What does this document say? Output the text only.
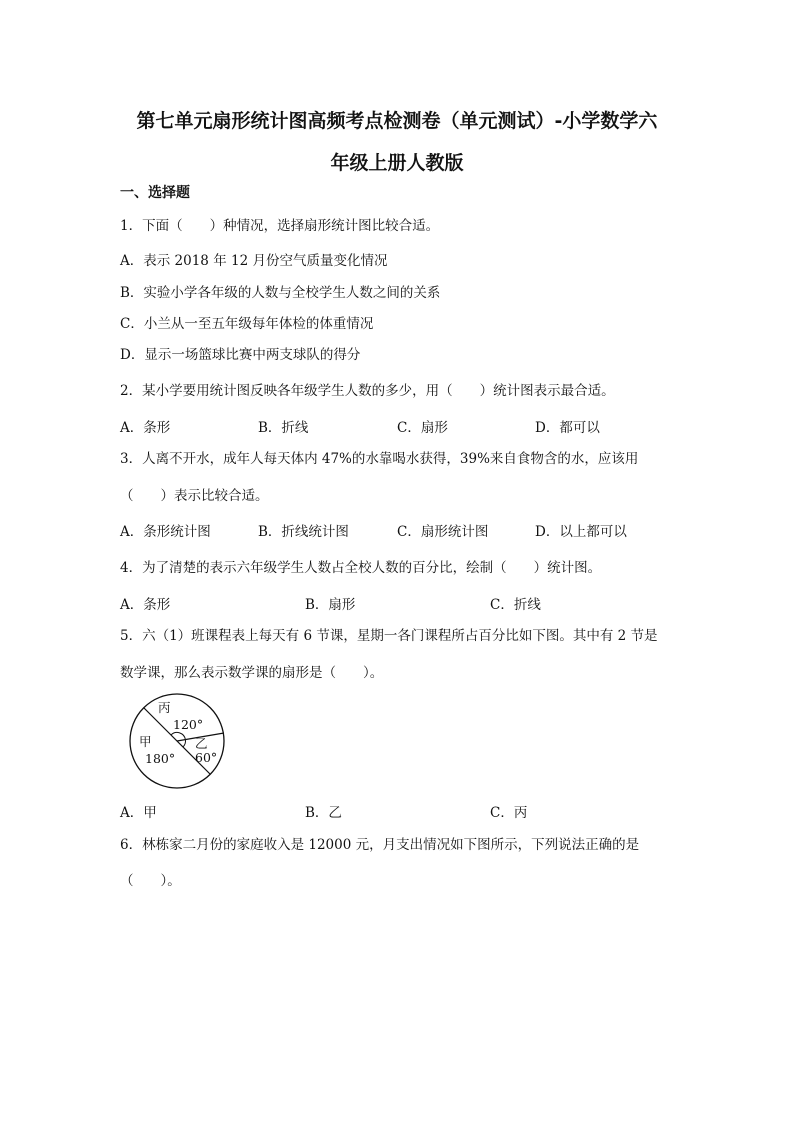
第七单元扇形统计图高频考点检测卷（单元测试）-小学数学六
年级上册人教版
一、选择题
1．下面（　　）种情况，选择扇形统计图比较合适。
A．表示 2018 年 12 月份空气质量变化情况
B．实验小学各年级的人数与全校学生人数之间的关系
C．小兰从一至五年级每年体检的体重情况
D．显示一场篮球比赛中两支球队的得分
2．某小学要用统计图反映各年级学生人数的多少，用（　　）统计图表示最合适。
A．条形	B．折线	C．扇形	D．都可以
3．人离不开水，成年人每天体内 47%的水靠喝水获得，39%来自食物含的水，应该用
（　　）表示比较合适。
A．条形统计图	B．折线统计图	C．扇形统计图	D．以上都可以
4．为了清楚的表示六年级学生人数占全校人数的百分比，绘制（　　）统计图。
A．条形	B．扇形	C．折线
5．六（1）班课程表上每天有 6 节课，星期一各门课程所占百分比如下图。其中有 2 节是
数学课，那么表示数学课的扇形是（　　）。
丙
120°
甲
180°
乙
60°
A．甲	B．乙	C．丙
6．林栋家二月份的家庭收入是 12000 元，月支出情况如下图所示，下列说法正确的是
（　　）。
